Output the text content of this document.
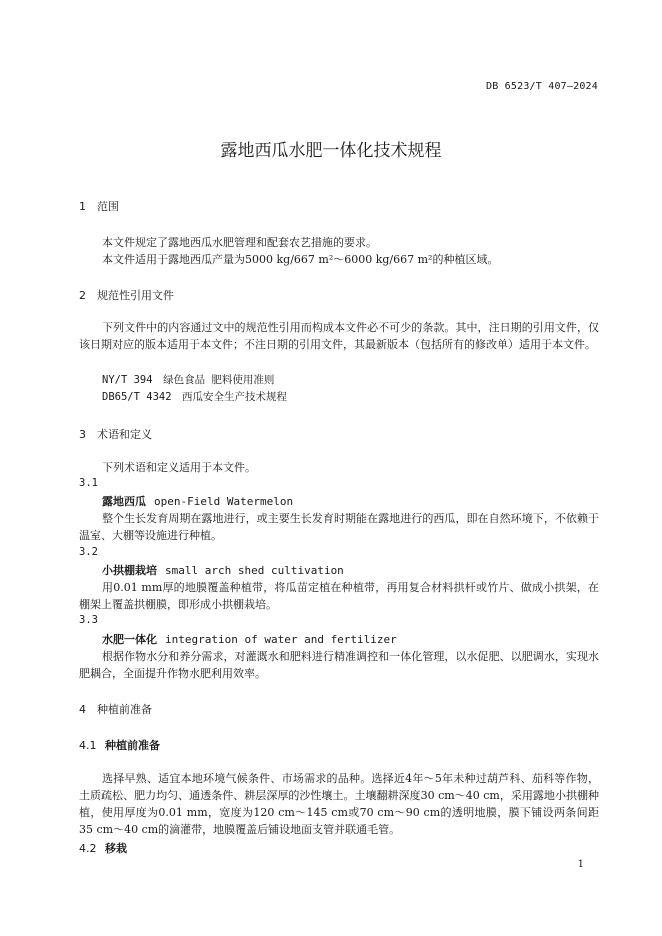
DB 6523/T 407—2024
露地西瓜水肥一体化技术规程
1 范围
本文件规定了露地西瓜水肥管理和配套农艺措施的要求。
本文件适用于露地西瓜产量为5000 kg/667 m²～6000 kg/667 m²的种植区域。
2 规范性引用文件
下列文件中的内容通过文中的规范性引用而构成本文件必不可少的条款。其中，注日期的引用文件，仅该日期对应的版本适用于本文件；不注日期的引用文件，其最新版本（包括所有的修改单）适用于本文件。
NY/T 394　绿色食品 肥料使用准则
DB65/T 4342　西瓜安全生产技术规程
3 术语和定义
下列术语和定义适用于本文件。
3.1
露地西瓜 open-Field Watermelon
整个生长发育周期在露地进行，或主要生长发育时期能在露地进行的西瓜，即在自然环境下，不依赖于温室、大棚等设施进行种植。
3.2
小拱棚栽培 small arch shed cultivation
用0.01 mm厚的地膜覆盖种植带，将瓜苗定植在种植带，再用复合材料拱杆或竹片、做成小拱架，在棚架上覆盖拱棚膜，即形成小拱棚栽培。
3.3
水肥一体化 integration of water and fertilizer
根据作物水分和养分需求，对灌溉水和肥料进行精准调控和一体化管理，以水促肥、以肥调水，实现水肥耦合，全面提升作物水肥利用效率。
4 种植前准备
4.1 种植前准备
选择早熟、适宜本地环境气候条件、市场需求的品种。选择近4年～5年未种过葫芦科、茄科等作物，土质疏松、肥力均匀、通透条件、耕层深厚的沙性壤土。土壤翻耕深度30 cm～40 cm，采用露地小拱棚种植，使用厚度为0.01 mm，宽度为120 cm～145 cm或70 cm～90 cm的透明地膜，膜下铺设两条间距35 cm～40 cm的滴灌带，地膜覆盖后铺设地面支管并联通毛管。
4.2 移栽
1
